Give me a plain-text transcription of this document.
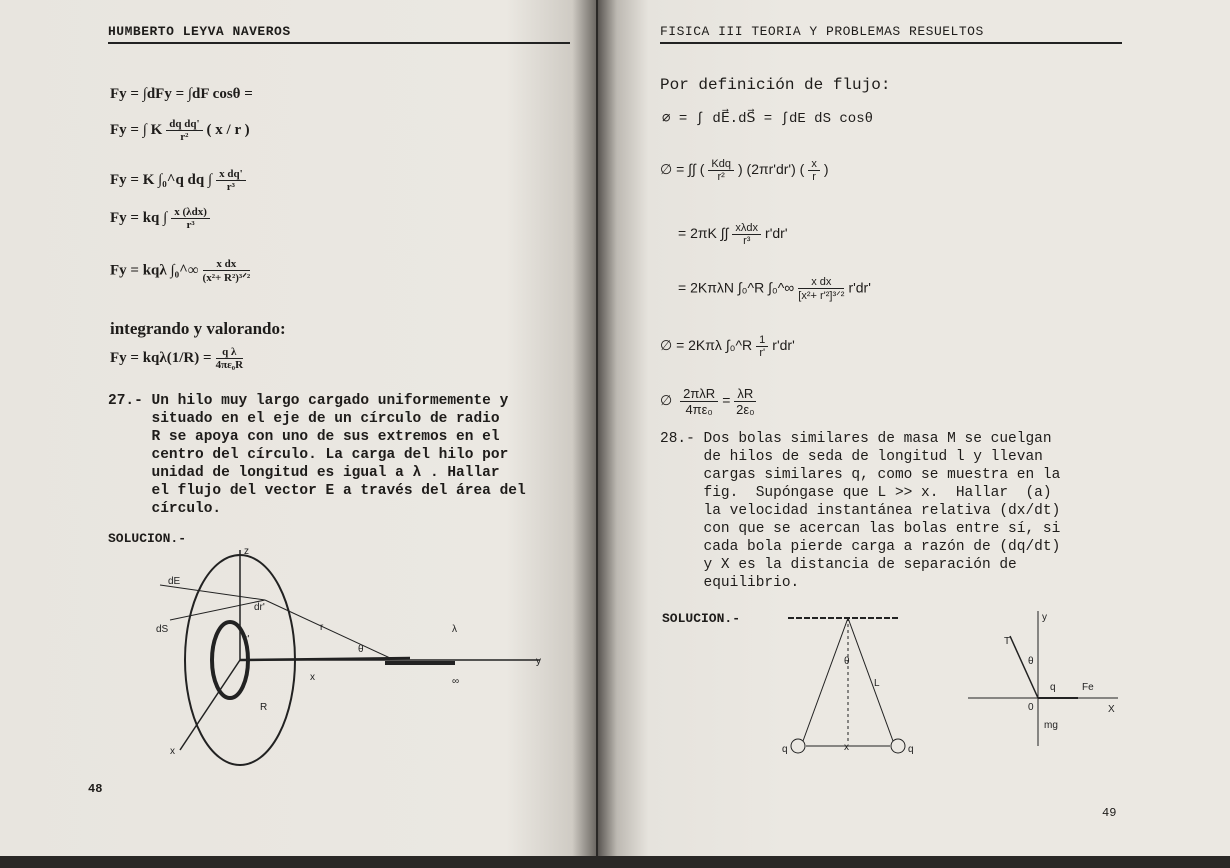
HUMBERTO LEYVA NAVEROS
Fy = ∫dFy = ∫dF cosθ =
Fy = ∫ K $\frac{\text{dq dq'}}{\text{r²}}$ ( x / r )
Fy = K ∫₀^q dq ∫ $\frac{\text{x dq'}}{\text{r³}}$
Fy = kq ∫ $\frac{\text{x (λdx)}}{\text{r³}}$
Fy = kqλ ∫₀^∞ $\frac{\text{x dx}}{\text{(x²+ R²)³ᐟ²}}$
integrando y valorando:
$Fy = kq\lambda(1/R) = \frac{\text{q λ}}{\text{4πε₀R}}$
27.- Un hilo muy largo cargado uniformemente y
situado en el eje de un círculo de radio
R se apoya con uno de sus extremos en el
centro del círculo. La carga del hilo por
unidad de longitud es igual a λ . Hallar
el flujo del vector E a través del área del
círculo.
SOLUCION.-
z
dE
dS
dr'
r
θ
λ
y
x
R
x	∞
r'
48
FISICA III TEORIA Y PROBLEMAS RESUELTOS
Por definición de flujo:
∅ = ∫ dE⃗.dS⃗ = ∫dE dS cosθ
∅ = ∫∫ ( $\frac{\text{Kdq}}{\text{r²}}$ ) (2πr'dr') ( $\frac{x}{r}$ )
= 2πK ∫∫ $\frac{\text{xλdx}}{\text{r³}} r'dr'$
= 2KπλN ∫₀^R ∫₀^∞ $\frac{\text{x dx}}{\text{[x²+ r'²]³ᐟ²}} r'dr'$
∅ = 2Kπλ ∫₀^R $\frac{1}{r'} r'dr'$
∅ $\frac{\text{2πλR}}{\text{4πε₀}} = \frac{\lambda R}{\text{2ε₀}}$
28.- Dos bolas similares de masa M se cuelgan
de hilos de seda de longitud l y llevan
cargas similares q, como se muestra en la
fig.  Supóngase que L >> x.  Hallar  (a)
la velocidad instantánea relativa (dx/dt)
con que se acercan las bolas entre sí, si
cada bola pierde carga a razón de (dq/dt)
y X es la distancia de separación de
equilibrio.
SOLUCION.-
θ
L
x
q	q
y
T
θ
q	Fe
0	X
mg
49
